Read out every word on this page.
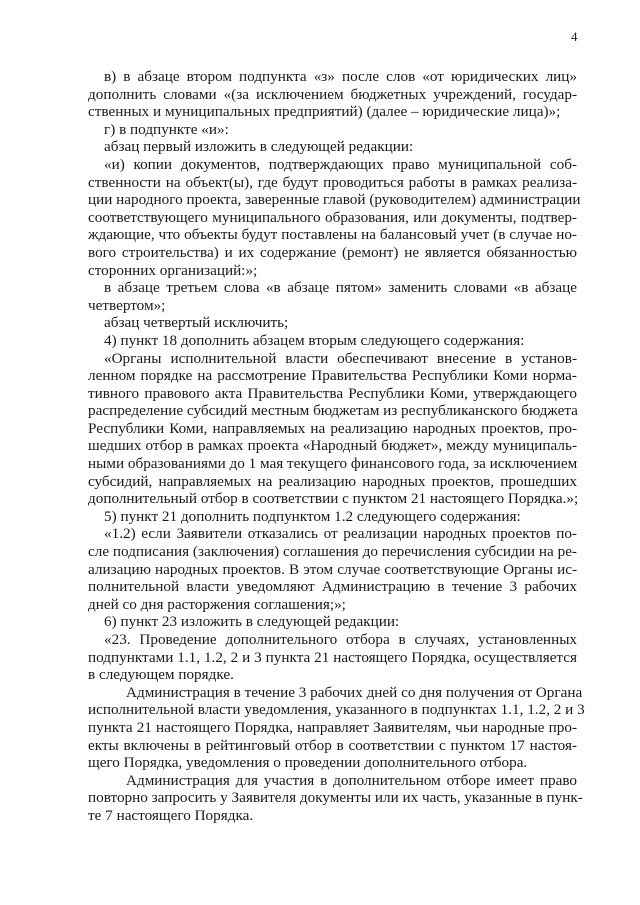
4
в) в абзаце втором подпункта «з» после слов «от юридических лиц»
дополнить словами «(за исключением бюджетных учреждений, государ-
ственных и муниципальных предприятий) (далее – юридические лица)»;
г) в подпункте «и»:
абзац первый изложить в следующей редакции:
«и) копии документов, подтверждающих право муниципальной соб-
ственности на объект(ы), где будут проводиться работы в рамках реализа-
ции народного проекта, заверенные главой (руководителем) администрации
соответствующего муниципального образования, или документы, подтвер-
ждающие, что объекты будут поставлены на балансовый учет (в случае но-
вого строительства) и их содержание (ремонт) не является обязанностью
сторонних организаций:»;
в абзаце третьем слова «в абзаце пятом» заменить словами «в абзаце
четвертом»;
абзац четвертый исключить;
4) пункт 18 дополнить абзацем вторым следующего содержания:
«Органы исполнительной власти обеспечивают внесение в установ-
ленном порядке на рассмотрение Правительства Республики Коми норма-
тивного правового акта Правительства Республики Коми, утверждающего
распределение субсидий местным бюджетам из республиканского бюджета
Республики Коми, направляемых на реализацию народных проектов, про-
шедших отбор в рамках проекта «Народный бюджет», между муниципаль-
ными образованиями до 1 мая текущего финансового года, за исключением
субсидий, направляемых на реализацию народных проектов, прошедших
дополнительный отбор в соответствии с пунктом 21 настоящего Порядка.»;
5) пункт 21 дополнить подпунктом 1.2 следующего содержания:
«1.2) если Заявители отказались от реализации народных проектов по-
сле подписания (заключения) соглашения до перечисления субсидии на ре-
ализацию народных проектов. В этом случае соответствующие Органы ис-
полнительной власти уведомляют Администрацию в течение 3 рабочих
дней со дня расторжения соглашения;»;
6) пункт 23 изложить в следующей редакции:
«23. Проведение дополнительного отбора в случаях, установленных
подпунктами 1.1, 1.2, 2 и 3 пункта 21 настоящего Порядка, осуществляется
в следующем порядке.
Администрация в течение 3 рабочих дней со дня получения от Органа
исполнительной власти уведомления, указанного в подпунктах 1.1, 1.2, 2 и 3
пункта 21 настоящего Порядка, направляет Заявителям, чьи народные про-
екты включены в рейтинговый отбор в соответствии с пунктом 17 настоя-
щего Порядка, уведомления о проведении дополнительного отбора.
Администрация для участия в дополнительном отборе имеет право
повторно запросить у Заявителя документы или их часть, указанные в пунк-
те 7 настоящего Порядка.
